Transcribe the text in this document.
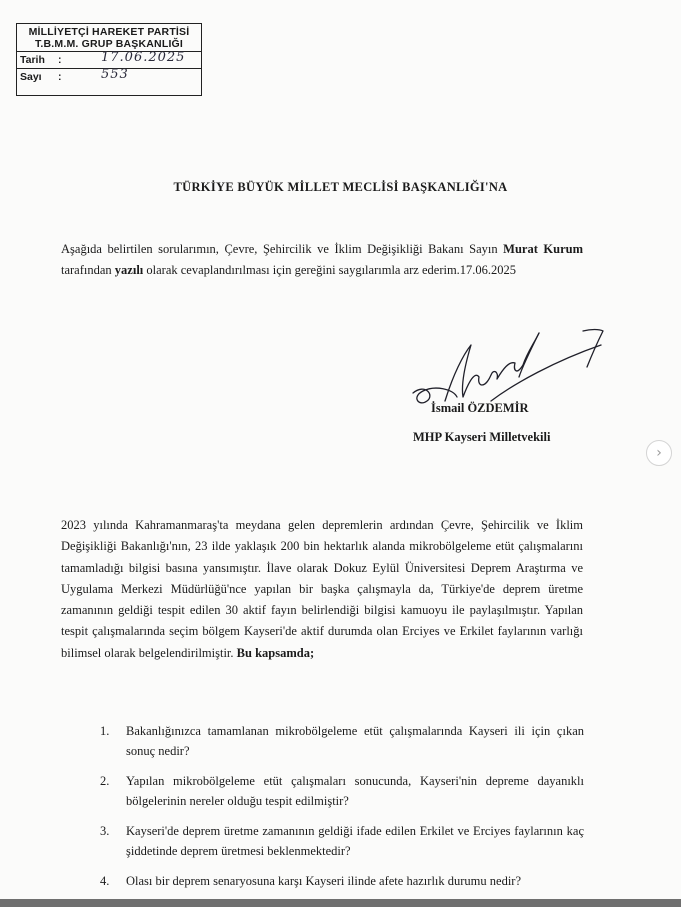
MİLLİYETÇİ HAREKET PARTİSİ
T.B.M.M. GRUP BAŞKANLIĞI
Tarih :	17.06.2025
Sayı :	553
TÜRKİYE BÜYÜK MİLLET MECLİSİ BAŞKANLIĞI'NA
Aşağıda belirtilen sorularımın, Çevre, Şehircilik ve İklim Değişikliği Bakanı Sayın Murat Kurum tarafından yazılı olarak cevaplandırılması için gereğini saygılarımla arz ederim.17.06.2025
İsmail ÖZDEMİR
MHP Kayseri Milletvekili
2023 yılında Kahramanmaraş'ta meydana gelen depremlerin ardından Çevre, Şehircilik ve İklim Değişikliği Bakanlığı'nın, 23 ilde yaklaşık 200 bin hektarlık alanda mikrobölgeleme etüt çalışmalarını tamamladığı bilgisi basına yansımıştır. İlave olarak Dokuz Eylül Üniversitesi Deprem Araştırma ve Uygulama Merkezi Müdürlüğü'nce yapılan bir başka çalışmayla da, Türkiye'de deprem üretme zamanının geldiği tespit edilen 30 aktif fayın belirlendiği bilgisi kamuoyu ile paylaşılmıştır. Yapılan tespit çalışmalarında seçim bölgem Kayseri'de aktif durumda olan Erciyes ve Erkilet faylarının varlığı bilimsel olarak belgelendirilmiştir. Bu kapsamda;
1. Bakanlığınızca tamamlanan mikrobölgeleme etüt çalışmalarında Kayseri ili için çıkan sonuç nedir?
2. Yapılan mikrobölgeleme etüt çalışmaları sonucunda, Kayseri'nin depreme dayanıklı bölgelerinin nereler olduğu tespit edilmiştir?
3. Kayseri'de deprem üretme zamanının geldiği ifade edilen Erkilet ve Erciyes faylarının kaç şiddetinde deprem üretmesi beklenmektedir?
4. Olası bir deprem senaryosuna karşı Kayseri ilinde afete hazırlık durumu nedir?
›
